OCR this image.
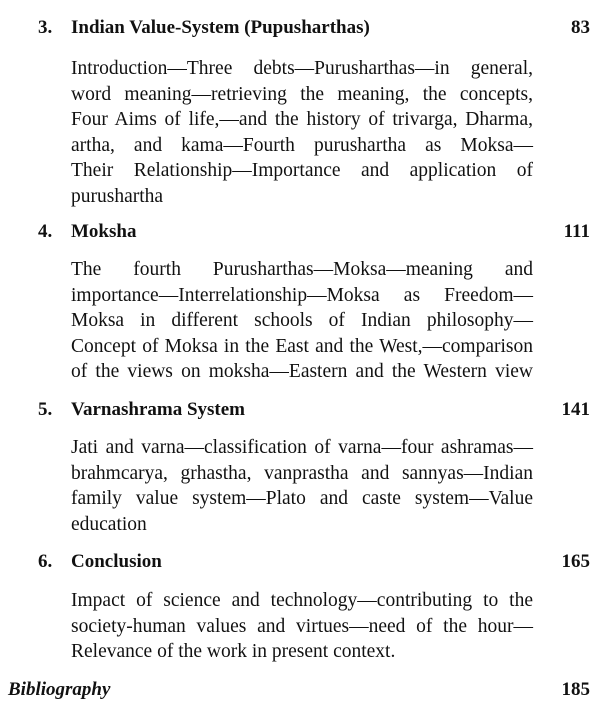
3. Indian Value-System (Pupusharthas)	83
Introduction—Three debts—Purusharthas—in general,
word meaning—retrieving the meaning, the concepts,
Four Aims of life,—and the history of trivarga, Dharma,
artha, and kama—Fourth purushartha as Moksa—
Their Relationship—Importance and application of
purushartha
4. Moksha	111
The fourth Purusharthas—Moksa—meaning and
importance—Interrelationship—Moksa as Freedom—
Moksa in different schools of Indian philosophy—
Concept of Moksa in the East and the West,—comparison
of the views on moksha—Eastern and the Western view
5. Varnashrama System	141
Jati and varna—classification of varna—four ashramas—
brahmcarya, grhastha, vanprastha and sannyas—Indian
family value system—Plato and caste system—Value
education
6. Conclusion	165
Impact of science and technology—contributing to the
society-human values and virtues—need of the hour—
Relevance of the work in present context.
Bibliography	185
